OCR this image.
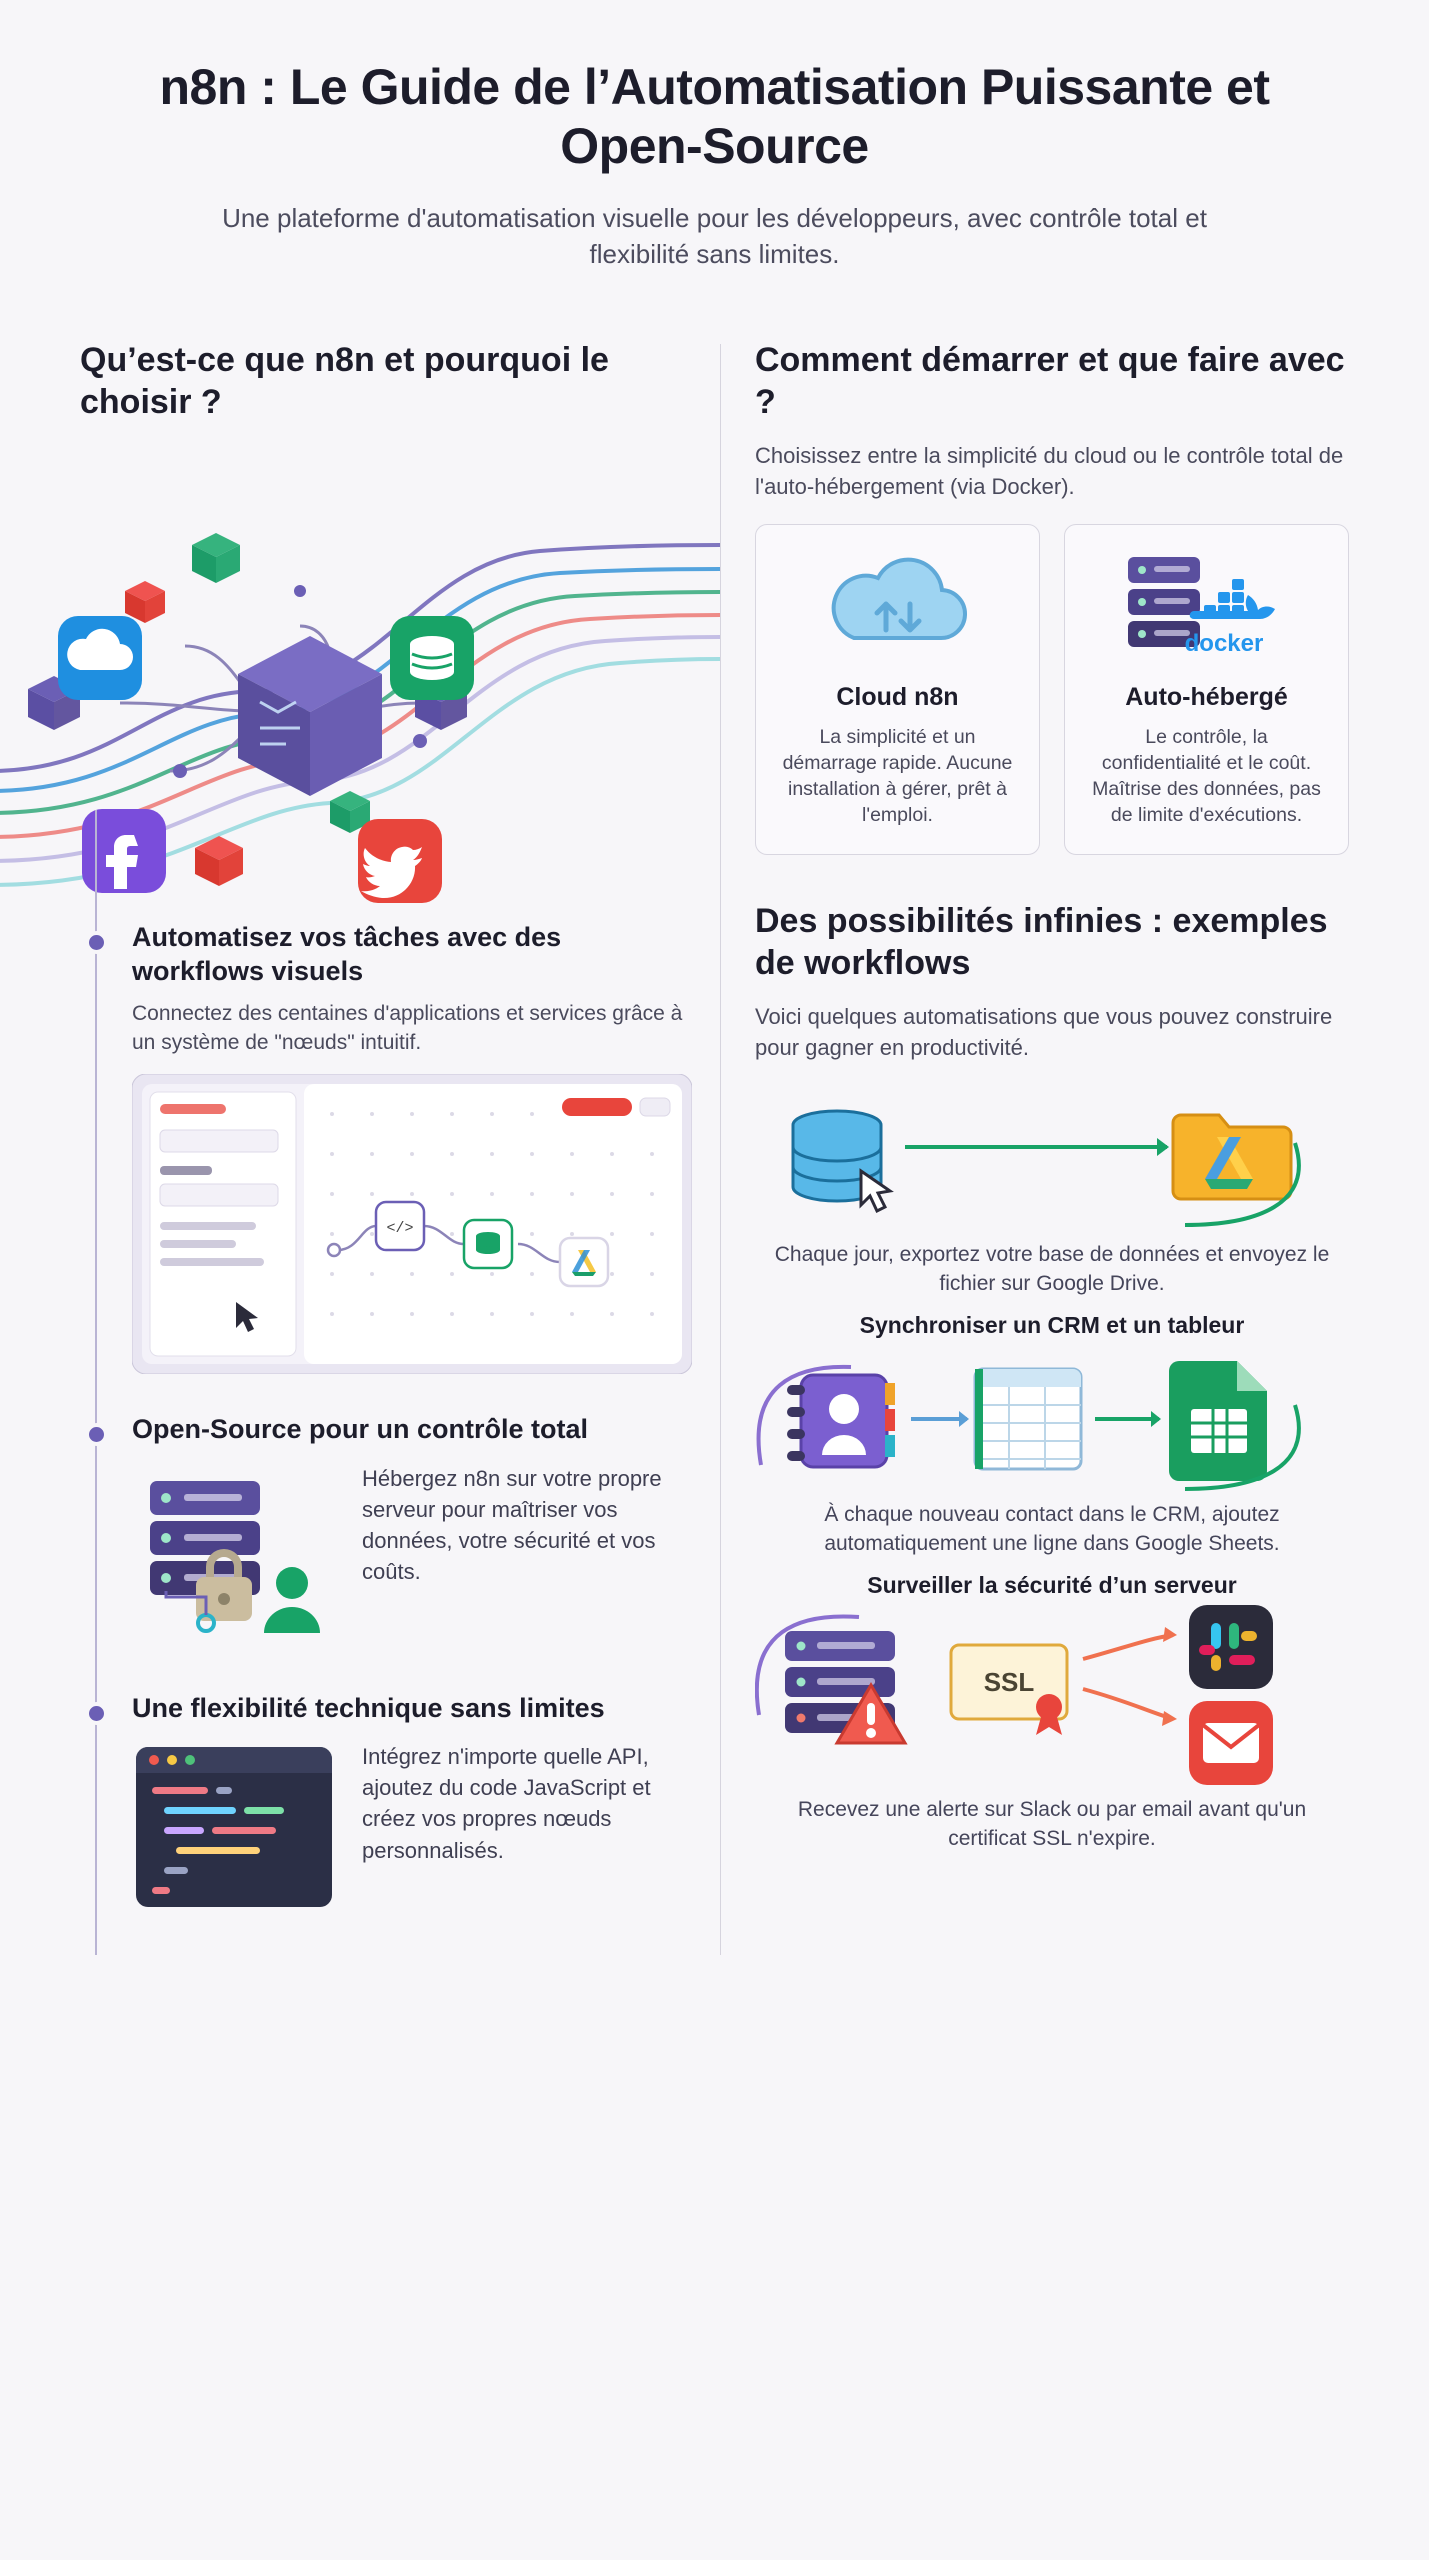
n8n : Le Guide de l’Automatisation Puissante et Open-Source

Une plateforme d'automatisation visuelle pour les développeurs, avec contrôle total et flexibilité sans limites.

Qu’est-ce que n8n et pourquoi le choisir ?
Automatisez vos tâches avec des workflows visuels

Connectez des centaines d'applications et services grâce à un système de "nœuds" intuitif.

</>
Open-Source pour un contrôle total
Hébergez n8n sur votre propre serveur pour maîtriser vos données, votre sécurité et vos coûts.
Une flexibilité technique sans limites
Intégrez n'importe quelle API, ajoutez du code JavaScript et créez vos propres nœuds personnalisés.
Comment démarrer et que faire avec ?

Choisissez entre la simplicité du cloud ou le contrôle total de l'auto-hébergement (via Docker).

Cloud n8n

La simplicité et un démarrage rapide. Aucune installation à gérer, prêt à l'emploi.

docker
Auto-hébergé

Le contrôle, la confidentialité et le coût. Maîtrise des données, pas de limite d'exécutions.

Des possibilités infinies : exemples de workflows

Voici quelques automatisations que vous pouvez construire pour gagner en productivité.

Chaque jour, exportez votre base de données et envoyez le fichier sur Google Drive.

Synchroniser un CRM et un tableur

À chaque nouveau contact dans le CRM, ajoutez automatiquement une ligne dans Google Sheets.

Surveiller la sécurité d’un serveur
SSL

Recevez une alerte sur Slack ou par email avant qu'un certificat SSL n'expire.
